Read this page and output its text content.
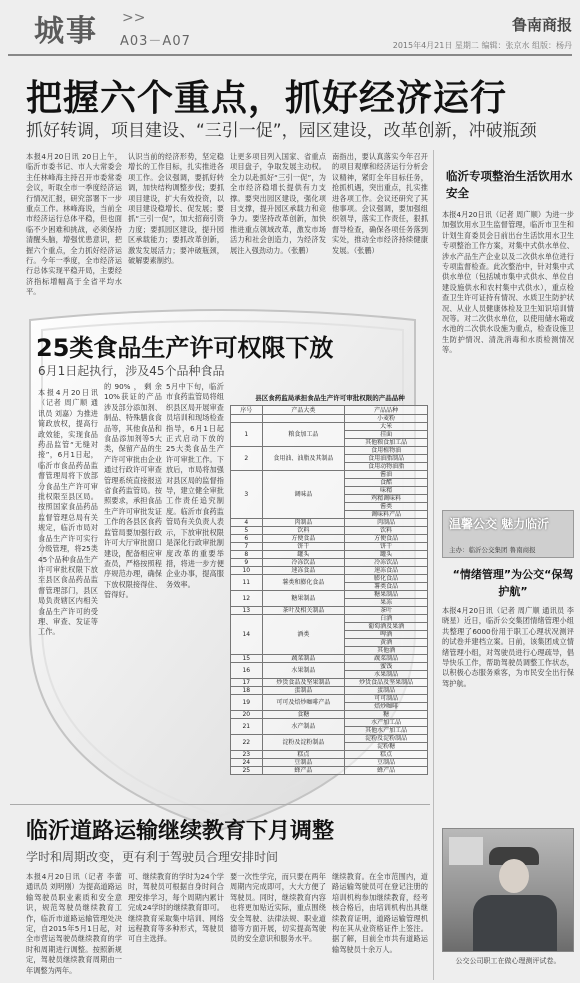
城事 >>
A03－A07
鲁南商报
2015年4月21日 星期二 编辑：张京水 组版：杨丹
把握六个重点，抓好经济运行
抓好转调，项目建设、“三引一促”，园区建设，改革创新，冲破瓶颈
本报4月20日讯 20日上午，临沂市委书记、市人大常委会主任林峰海主持召开市委常委会议，听取全市一季度经济运行情况汇报，研究部署下一步重点工作。林峰海说，当前全市经济运行总体平稳，但也面临不少困难和挑战，必须保持清醒头脑，增强忧患意识，把握六个重点，全力抓好经济运行。今年一季度，全市经济运行总体实现平稳开局，主要经济指标增幅高于全省平均水平。
认识当前的经济形势，坚定稳增长的工作目标，扎实推进各项工作。会议强调，要抓好转调，加快结构调整步伐；要抓项目建设，扩大有效投资，以项目建设稳增长、促发展；要抓“三引一促”，加大招商引资力度；要抓园区建设，提升园区承载能力；要抓改革创新，激发发展活力；要冲破瓶颈，破解要素制约。
让更多项目列入国家、省重点项目盘子，争取发展主动权。全力以赴抓好“三引一促”，为全市经济稳增长提供有力支撑。要突出园区建设，强化项目支撑，提升园区承载力和竞争力。要坚持改革创新，加快推进重点领域改革，激发市场活力和社会创造力，为经济发展注入强劲动力。（张鹏）
南指出，要认真落实今年召开的项目观摩和经济运行分析会议精神，紧盯全年目标任务，抢抓机遇，突出重点，扎实推进各项工作。会议还研究了其他事项。会议强调，要加强组织领导，落实工作责任，狠抓督导检查，确保各项任务落到实处，推动全市经济持续健康发展。（张鹏）
25类食品生产许可权限下放
6月1日起执行，涉及45个品种食品
本报4月20日讯（记者 周广顺 通讯员 刘嘉）为推进简政放权，提高行政效能，实现食品药品监管“无缝对接”，6月1日起，临沂市食品药品监督管理局将下放部分食品生产许可审批权限至县区局。按照国家食品药品监督管理总局有关规定，临沂市局对食品生产许可实行分级管理，将25类45个品种食品生产许可审批权限下放至县区食品药品监督管理部门，县区局负责辖区内相关食品生产许可的受理、审查、发证等工作。
的90%，剩余10%获证的产品涉及部分添加剂、制品、特殊膳食食品等，其他食品和食品添加剂等5大类，保留产品的生产许可审批由企业通过行政许可审查管理系统直接报送省食药监管局。按照要求，承担食品生产许可审批发证工作的各县区食药监管局要加强行政许可大厅审批窗口建设，配备相应审查员，严格按照程序规范办理，确保下放权限接得住、管得好。
5月中下旬，临沂市食药监管局将组织县区局开展审查员培训和现场检查指导，6月1日起正式启动下放的25大类食品生产许可审批工作。下放后，市局将加强对县区局的监督指导，建立健全审批工作责任追究制度。临沂市食药监管局有关负责人表示，下放审批权限是深化行政审批制度改革的重要举措，将进一步方便企业办事，提高服务效率。
县区食药监局承担食品生产许可审批权限的产品品种
序号	产品大类	产品品种
		小麦粉
1	粮食加工品	大米
		挂面
		其他粮食加工品
2	食用油、油脂及其制品	食用植物油
		食用油脂制品
		食用动物油脂
3	调味品	酱油
		食醋
		味精
		鸡精调味料
		酱类
		调味料产品
4	肉制品	肉制品
5	饮料	饮料
6	方便食品	方便食品
7	饼干	饼干
8	罐头	罐头
9	冷冻饮品	冷冻饮品
10	速冻食品	速冻食品
11	薯类和膨化食品	膨化食品
		薯类食品
12	糖果制品	糖果制品
		果冻
13	茶叶及相关制品	茶叶
14	酒类	白酒
		葡萄酒及果酒
		啤酒
		黄酒
		其他酒
15	蔬菜制品	蔬菜制品
16	水果制品	蜜饯
		水果制品
17	炒货食品及坚果制品	炒货食品及坚果制品
18	蛋制品	蛋制品
19	可可及焙炒咖啡产品	可可制品
		焙炒咖啡
20	食糖	糖
21	水产制品	水产加工品
		其他水产加工品
22	淀粉及淀粉制品	淀粉及淀粉制品
		淀粉糖
23	糕点	糕点
24	豆制品	豆制品
25	蜂产品	蜂产品
临沂道路运输继续教育下月调整
学时和周期改变，更有利于驾驶员合理安排时间
本报4月20日讯（记者 李蕾 通讯员 刘明刚）为提高道路运输驾驶员职业素质和安全意识，规范驾驶员继续教育工作，临沂市道路运输管理处决定，自2015年5月1日起，对全市营运驾驶员继续教育的学时和周期进行调整。按照新规定，驾驶员继续教育周期由一年调整为两年。
可、继续教育的学时为24个学时，驾驶员可根据自身时间合理安排学习，每个周期内累计完成24学时的继续教育即可。继续教育采取集中培训、网络远程教育等多种形式，驾驶员可自主选择。
要一次性学完，而只要在两年周期内完成即可，大大方便了驾驶员。同时，继续教育内容也将更加贴近实际，重点围绕安全驾驶、法律法规、职业道德等方面开展，切实提高驾驶员的安全意识和服务水平。
继续教育。在全市范围内，道路运输驾驶员可在登记注册的培训机构参加继续教育，经考核合格后，由培训机构出具继续教育证明，道路运输管理机构在其从业资格证件上签注。据了解，目前全市共有道路运输驾驶员十余万人。
临沂专项整治生活饮用水安全
本报4月20日讯（记者 周广顺）为进一步加强饮用水卫生监督管理，临沂市卫生和计划生育委员会日前出台生活饮用水卫生专项整治工作方案，对集中式供水单位、涉水产品生产企业以及二次供水单位进行专项监督检查。此次整治中，针对集中式供水单位（包括城市集中式供水、单位自建设施供水和农村集中式供水），重点检查卫生许可证持有情况、水质卫生防护状况、从业人员健康体检及卫生知识培训情况等。对二次供水单位，以使用储水箱或水池的二次供水设施为重点，检查设施卫生防护情况、清洗消毒和水质检测情况等。
温馨公交 魅力临沂
主办：临沂公交集团 鲁南商报
“情绪管理”为公交“保驾护航”
本报4月20日讯（记者 周广顺 通讯员 李晓星）近日，临沂公交集团情绪管理小组共整理了6000份用于职工心理状况测评的试卷并建档立案。日前，该集团成立情绪管理小组，对驾驶员进行心理疏导，倡导快乐工作，帮助驾驶员调整工作状态，以积极心态服务乘客，为市民安全出行保驾护航。
公交公司职工在做心理测评试卷。
